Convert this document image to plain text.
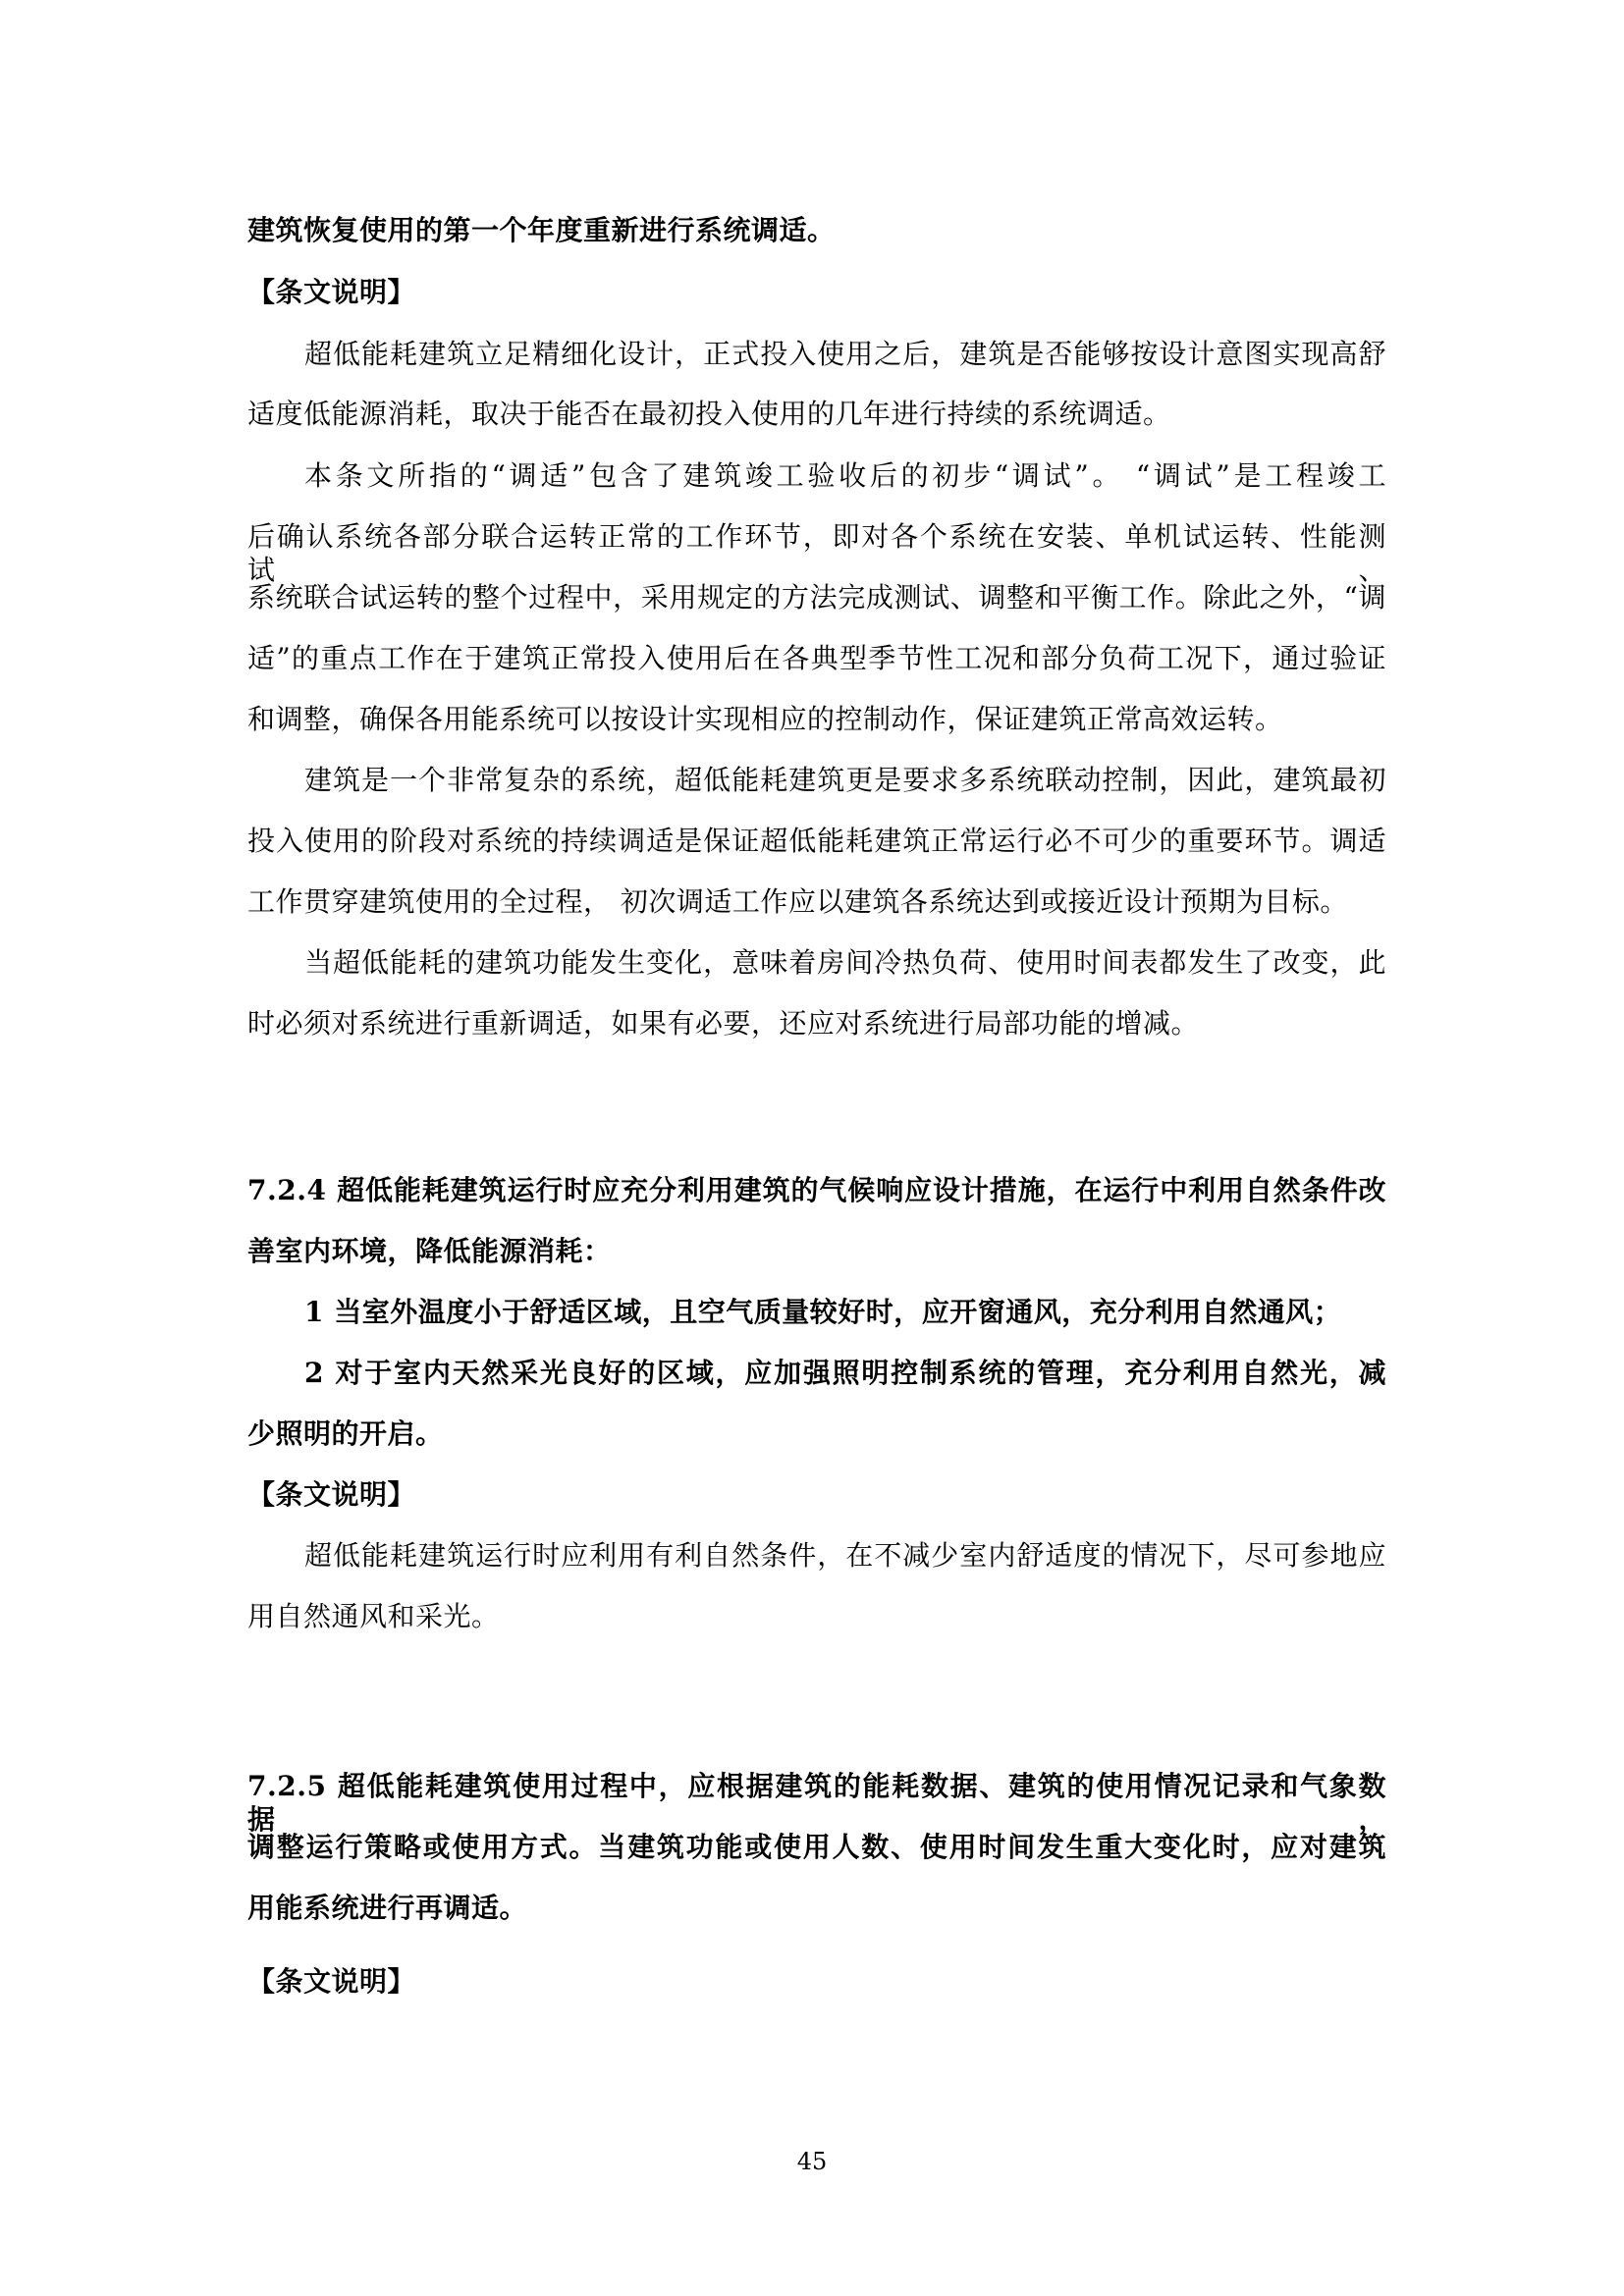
建筑恢复使用的第一个年度重新进行系统调适。
【条文说明】
超低能耗建筑立足精细化设计，正式投入使用之后，建筑是否能够按设计意图实现高舒
适度低能源消耗，取决于能否在最初投入使用的几年进行持续的系统调适。
本条文所指的“调适”包含了建筑竣工验收后的初步“调试”。 “调试”是工程竣工
后确认系统各部分联合运转正常的工作环节，即对各个系统在安装、单机试运转、性能测试、
系统联合试运转的整个过程中，采用规定的方法完成测试、调整和平衡工作。除此之外，“调
适”的重点工作在于建筑正常投入使用后在各典型季节性工况和部分负荷工况下，通过验证
和调整，确保各用能系统可以按设计实现相应的控制动作，保证建筑正常高效运转。
建筑是一个非常复杂的系统，超低能耗建筑更是要求多系统联动控制，因此，建筑最初
投入使用的阶段对系统的持续调适是保证超低能耗建筑正常运行必不可少的重要环节。调适
工作贯穿建筑使用的全过程， 初次调适工作应以建筑各系统达到或接近设计预期为目标。
当超低能耗的建筑功能发生变化，意味着房间冷热负荷、使用时间表都发生了改变，此
时必须对系统进行重新调适，如果有必要，还应对系统进行局部功能的增减。
7.2.4 超低能耗建筑运行时应充分利用建筑的气候响应设计措施，在运行中利用自然条件改
善室内环境，降低能源消耗：
1 当室外温度小于舒适区域，且空气质量较好时，应开窗通风，充分利用自然通风；
2 对于室内天然采光良好的区域，应加强照明控制系统的管理，充分利用自然光，减
少照明的开启。
【条文说明】
超低能耗建筑运行时应利用有利自然条件，在不减少室内舒适度的情况下，尽可参地应
用自然通风和采光。
7.2.5 超低能耗建筑使用过程中，应根据建筑的能耗数据、建筑的使用情况记录和气象数据，
调整运行策略或使用方式。当建筑功能或使用人数、使用时间发生重大变化时，应对建筑
用能系统进行再调适。
【条文说明】
45
